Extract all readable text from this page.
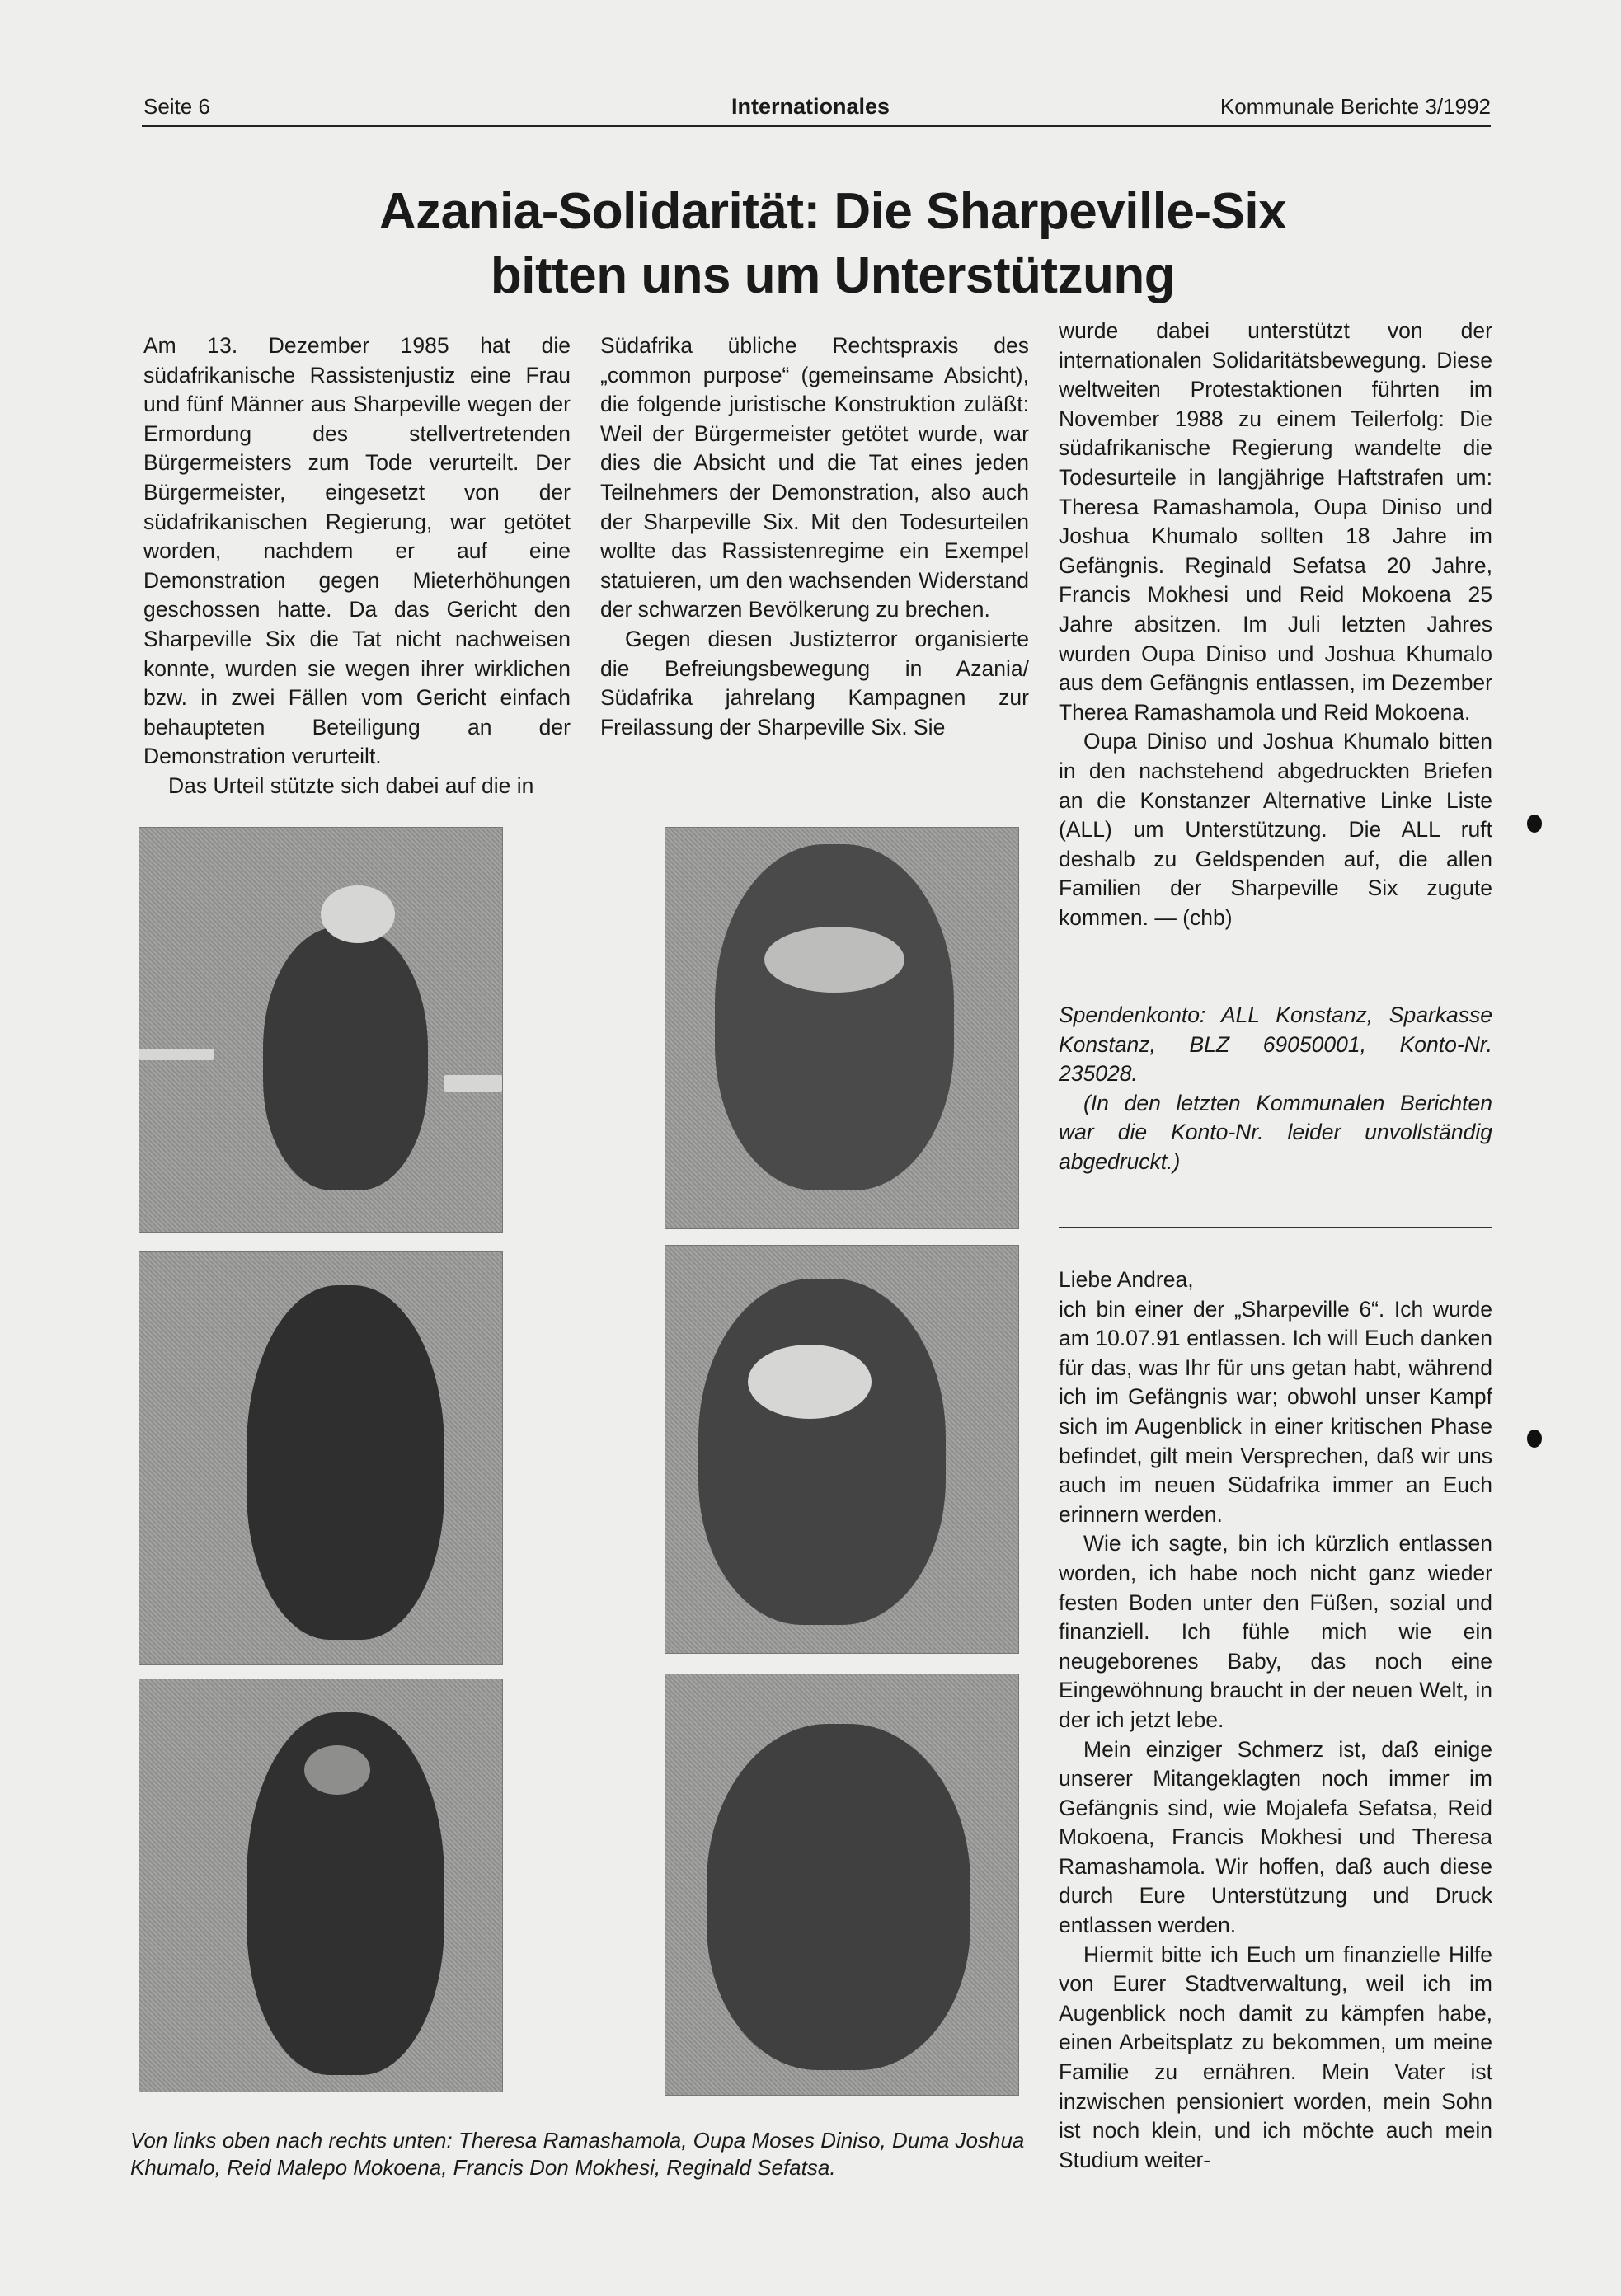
Seite 6	Internationales	Kommunale Berichte 3/1992
Azania-Solidarität: Die Sharpeville-Six
bitten uns um Unterstützung

Am 13. Dezember 1985 hat die südafrikanische Rassistenjustiz eine Frau und fünf Männer aus Sharpeville wegen der Ermordung des stellvertretenden Bürgermeisters zum Tode verurteilt. Der Bürgermeister, eingesetzt von der südafrikanischen Regierung, war getötet worden, nachdem er auf eine Demonstration gegen Mieterhöhungen geschossen hatte. Da das Gericht den Sharpeville Six die Tat nicht nachweisen konnte, wurden sie wegen ihrer wirklichen bzw. in zwei Fällen vom Gericht einfach behaupteten Beteiligung an der Demonstration verurteilt.

Das Urteil stützte sich dabei auf die in

Südafrika übliche Rechtspraxis des „common purpose“ (gemeinsame Absicht), die folgende juristische Konstruktion zuläßt: Weil der Bürgermeister getötet wurde, war dies die Absicht und die Tat eines jeden Teilnehmers der Demonstration, also auch der Sharpeville Six. Mit den Todesurteilen wollte das Rassistenregime ein Exempel statuieren, um den wachsenden Widerstand der schwarzen Bevölkerung zu brechen.

Gegen diesen Justizterror organisierte die Befreiungsbewegung in Azania/ Südafrika jahrelang Kampagnen zur Freilassung der Sharpeville Six. Sie

wurde dabei unterstützt von der internationalen Solidaritätsbewegung. Diese weltweiten Protestaktionen führten im November 1988 zu einem Teilerfolg: Die südafrikanische Regierung wandelte die Todesurteile in langjährige Haftstrafen um: Theresa Ramashamola, Oupa Diniso und Joshua Khumalo sollten 18 Jahre im Gefängnis. Reginald Sefatsa 20 Jahre, Francis Mokhesi und Reid Mokoena 25 Jahre absitzen. Im Juli letzten Jahres wurden Oupa Diniso und Joshua Khumalo aus dem Gefängnis entlassen, im Dezember Therea Ramashamola und Reid Mokoena.

Oupa Diniso und Joshua Khumalo bitten in den nachstehend abgedruckten Briefen an die Konstanzer Alternative Linke Liste (ALL) um Unterstützung. Die ALL ruft deshalb zu Geldspenden auf, die allen Familien der Sharpeville Six zugute kommen. — (chb)

Spendenkonto: ALL Konstanz, Sparkasse Konstanz, BLZ 69050001, Konto-Nr. 235028.

(In den letzten Kommunalen Berichten war die Konto-Nr. leider unvollständig abgedruckt.)

Liebe Andrea,

ich bin einer der „Sharpeville 6“. Ich wurde am 10.07.91 entlassen. Ich will Euch danken für das, was Ihr für uns getan habt, während ich im Gefängnis war; obwohl unser Kampf sich im Augenblick in einer kritischen Phase befindet, gilt mein Versprechen, daß wir uns auch im neuen Südafrika immer an Euch erinnern werden.

Wie ich sagte, bin ich kürzlich entlassen worden, ich habe noch nicht ganz wieder festen Boden unter den Füßen, sozial und finanziell. Ich fühle mich wie ein neugeborenes Baby, das noch eine Eingewöhnung braucht in der neuen Welt, in der ich jetzt lebe.

Mein einziger Schmerz ist, daß einige unserer Mitangeklagten noch immer im Gefängnis sind, wie Mojalefa Sefatsa, Reid Mokoena, Francis Mokhesi und Theresa Ramashamola. Wir hoffen, daß auch diese durch Eure Unterstützung und Druck entlassen werden.

Hiermit bitte ich Euch um finanzielle Hilfe von Eurer Stadtverwaltung, weil ich im Augenblick noch damit zu kämpfen habe, einen Arbeitsplatz zu bekommen, um meine Familie zu ernähren. Mein Vater ist inzwischen pensioniert worden, mein Sohn ist noch klein, und ich möchte auch mein Studium weiter-

Von links oben nach rechts unten: Theresa Ramashamola, Oupa Moses Diniso, Duma Joshua Khumalo, Reid Malepo Mokoena, Francis Don Mokhesi, Reginald Sefatsa.
